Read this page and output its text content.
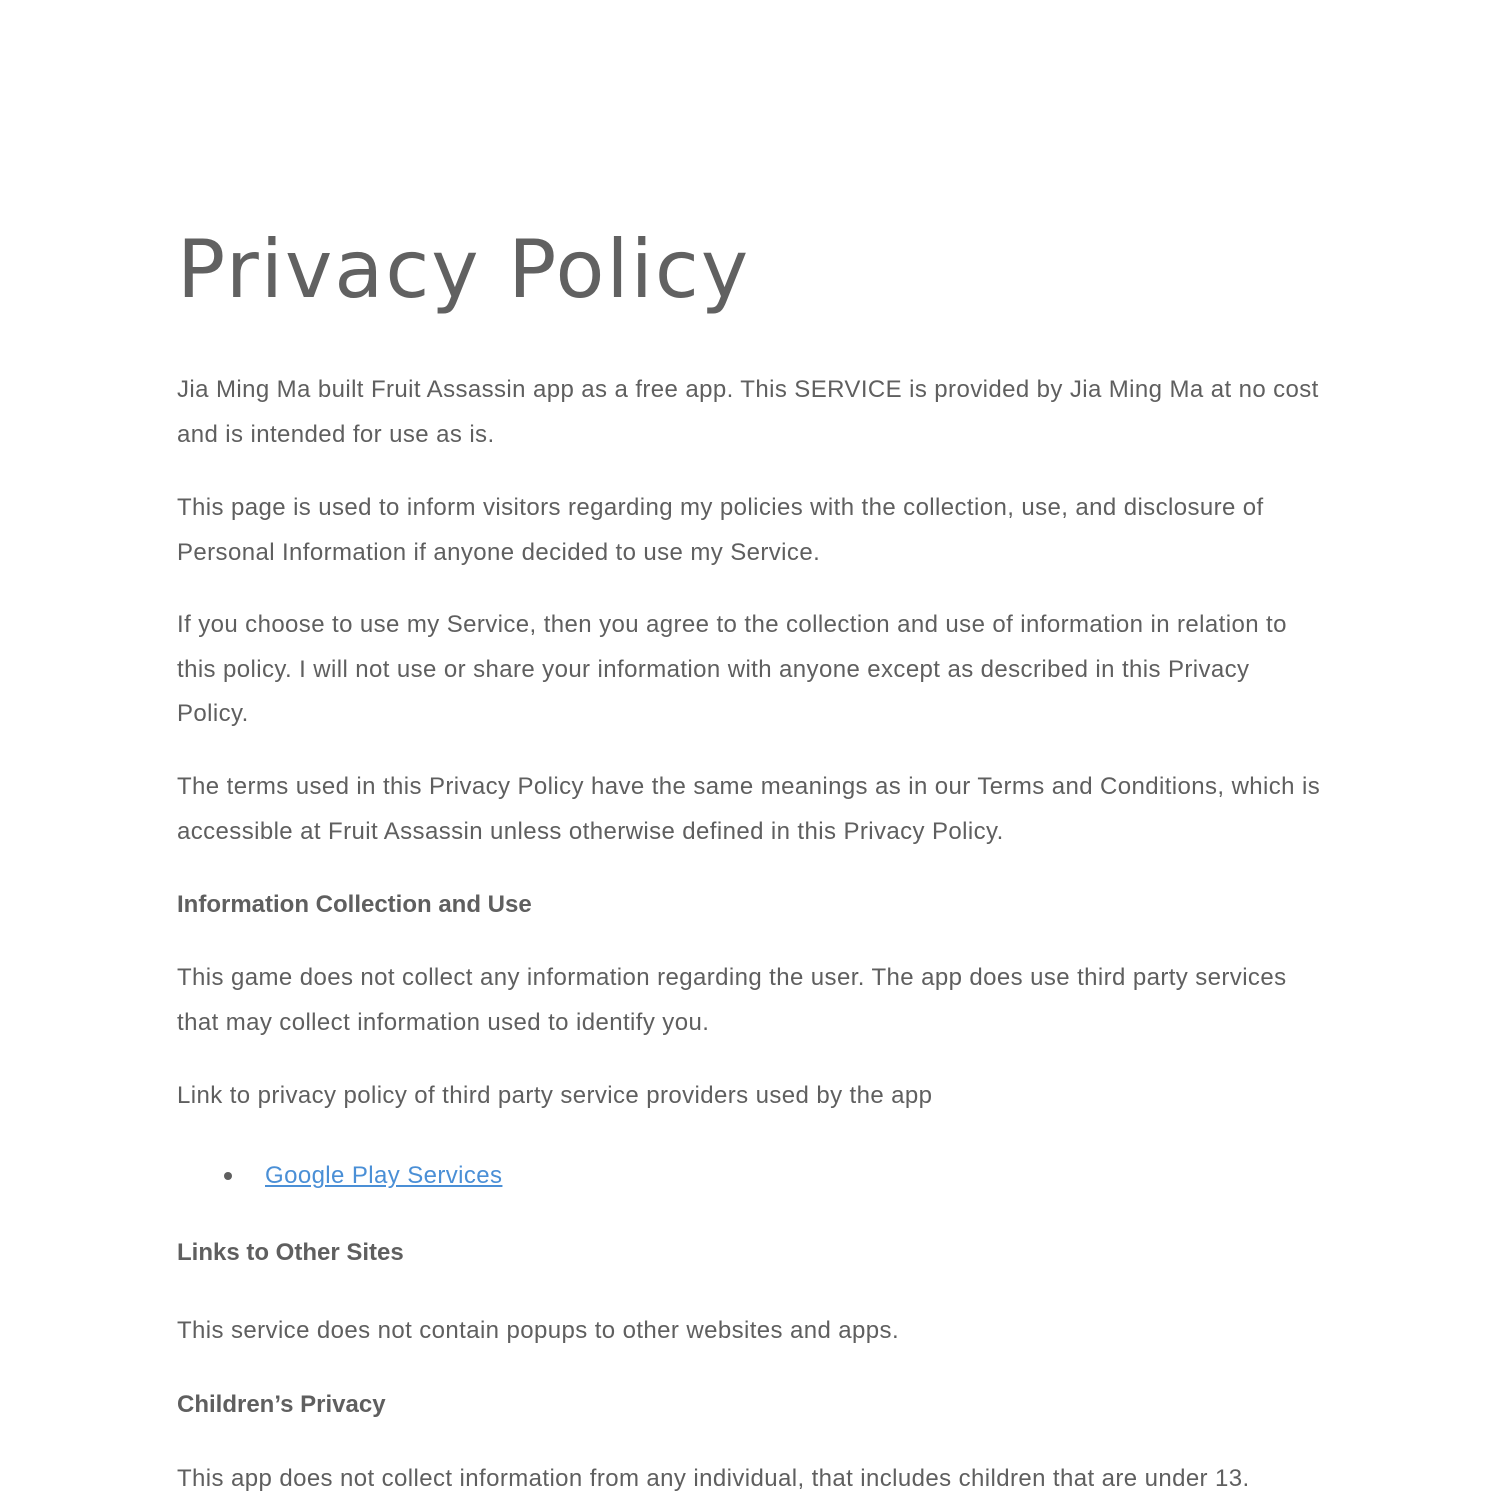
Privacy Policy

Jia Ming Ma built Fruit Assassin app as a free app. This SERVICE is provided by Jia Ming Ma at no cost and is intended for use as is.

This page is used to inform visitors regarding my policies with the collection, use, and disclosure of Personal Information if anyone decided to use my Service.

If you choose to use my Service, then you agree to the collection and use of information in relation to this policy. I will not use or share your information with anyone except as described in this Privacy Policy.

The terms used in this Privacy Policy have the same meanings as in our Terms and Conditions, which is accessible at Fruit Assassin unless otherwise defined in this Privacy Policy.

Information Collection and Use

This game does not collect any information regarding the user. The app does use third party services that may collect information used to identify you.

Link to privacy policy of third party service providers used by the app

Google Play Services
Links to Other Sites

This service does not contain popups to other websites and apps.

Children’s Privacy

This app does not collect information from any individual, that includes children that are under 13.
